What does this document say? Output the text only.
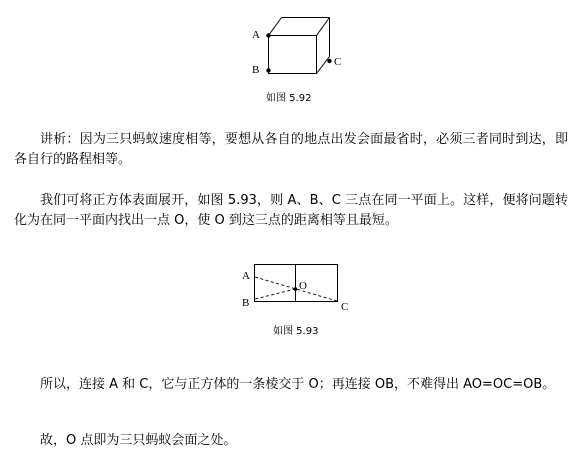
A
B
C
如图 5.92

讲析：因为三只蚂蚁速度相等，要想从各自的地点出发会面最省时，必须三者同时到达，即各自行的路程相等。

我们可将正方体表面展开，如图 5.93，则 A、B、C 三点在同一平面上。这样，便将问题转化为在同一平面内找出一点 O，使 O 到这三点的距离相等且最短。

A
B
O
C
如图 5.93

所以，连接 A 和 C，它与正方体的一条棱交于 O；再连接 OB，不难得出 AO=OC=OB。

故，O 点即为三只蚂蚁会面之处。
